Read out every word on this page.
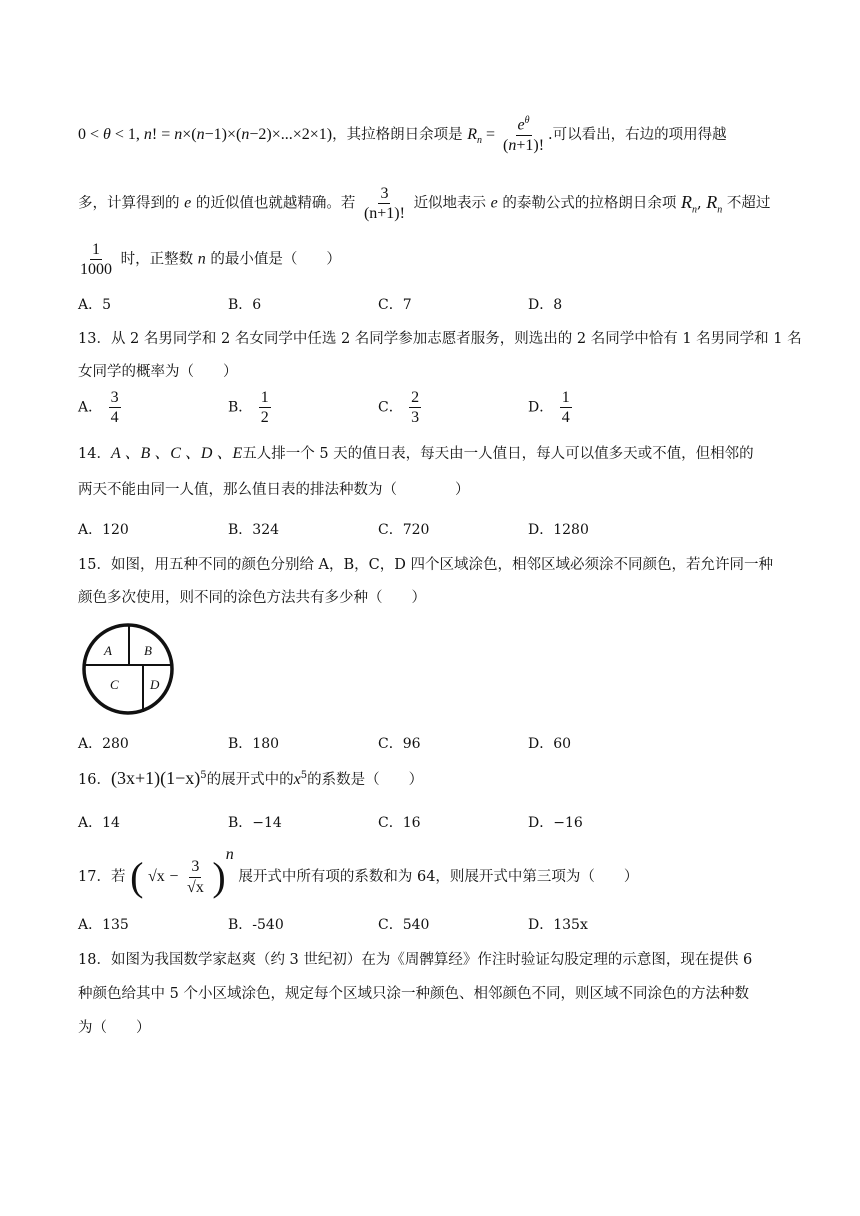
0 < θ < 1, n! = n×(n−1)×(n−2)×...×2×1)，其拉格朗日余项是 $R_n = \frac{e^\theta}{(n+1)!}$ .可以看出，右边的项用得越
多，计算得到的 e 的近似值也就越精确。若 $\frac{3}{(n+1)!}$ 近似地表示 e 的泰勒公式的拉格朗日余项 $R_n$, $R_n$ 不超过
$\frac{1}{1000}$ 时，正整数 n 的最小值是（　　）
A．5	B．6	C．7	D．8
13．从 2 名男同学和 2 名女同学中任选 2 名同学参加志愿者服务，则选出的 2 名同学中恰有 1 名男同学和 1 名
女同学的概率为（　　）
A． $\frac{3}{4}$	B． $\frac{1}{2}$	C． $\frac{2}{3}$	D． $\frac{1}{4}$
14．A 、B 、C 、D 、E五人排一个 5 天的值日表，每天由一人值日，每人可以值多天或不值，但相邻的
两天不能由同一人值，那么值日表的排法种数为（　　　　）
A．120	B．324	C．720	D．1280
15．如图，用五种不同的颜色分别给 A，B，C，D 四个区域涂色，相邻区域必须涂不同颜色，若允许同一种
颜色多次使用，则不同的涂色方法共有多少种（　　）
A B
C D
A．280	B．180	C．96	D．60
16．$(3x+1)(1-x)^5$的展开式中的$x^5$的系数是（　　）
A．14	B．−14	C．16	D．−16
17．若 ( $√x - \frac{3}{√x} )^n$ 展开式中所有项的系数和为 64，则展开式中第三项为（　　）
A．135	B．-540	C．540	D．135x
18．如图为我国数学家赵爽（约 3 世纪初）在为《周髀算经》作注时验证勾股定理的示意图，现在提供 6
种颜色给其中 5 个小区域涂色，规定每个区域只涂一种颜色、相邻颜色不同，则区域不同涂色的方法种数
为（　　）
